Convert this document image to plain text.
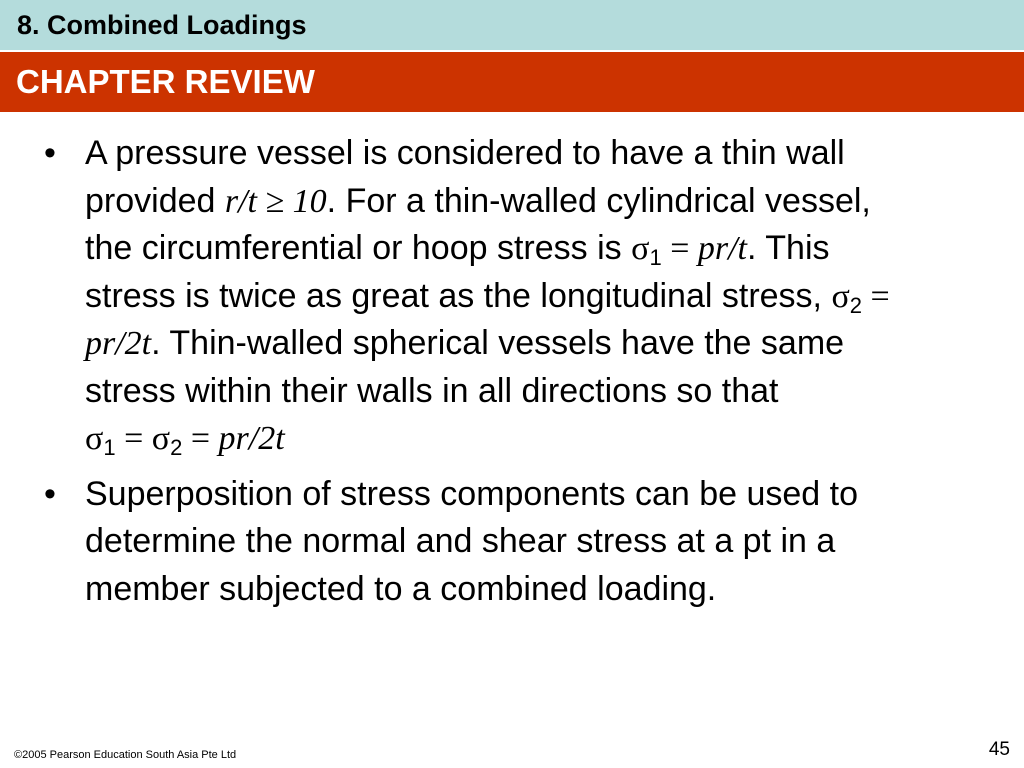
8. Combined Loadings
CHAPTER REVIEW
• A pressure vessel is considered to have a thin wall provided r/t ≥ 10. For a thin-walled cylindrical vessel, the circumferential or hoop stress is $\sigma_1 = pr/t$. This stress is twice as great as the longitudinal stress, $\sigma_2 = pr/2t$. Thin-walled spherical vessels have the same stress within their walls in all directions so that
$\sigma_1 = \sigma_2 = pr/2t$
• Superposition of stress components can be used to determine the normal and shear stress at a pt in a member subjected to a combined loading.
©2005 Pearson Education South Asia Pte Ltd	45
